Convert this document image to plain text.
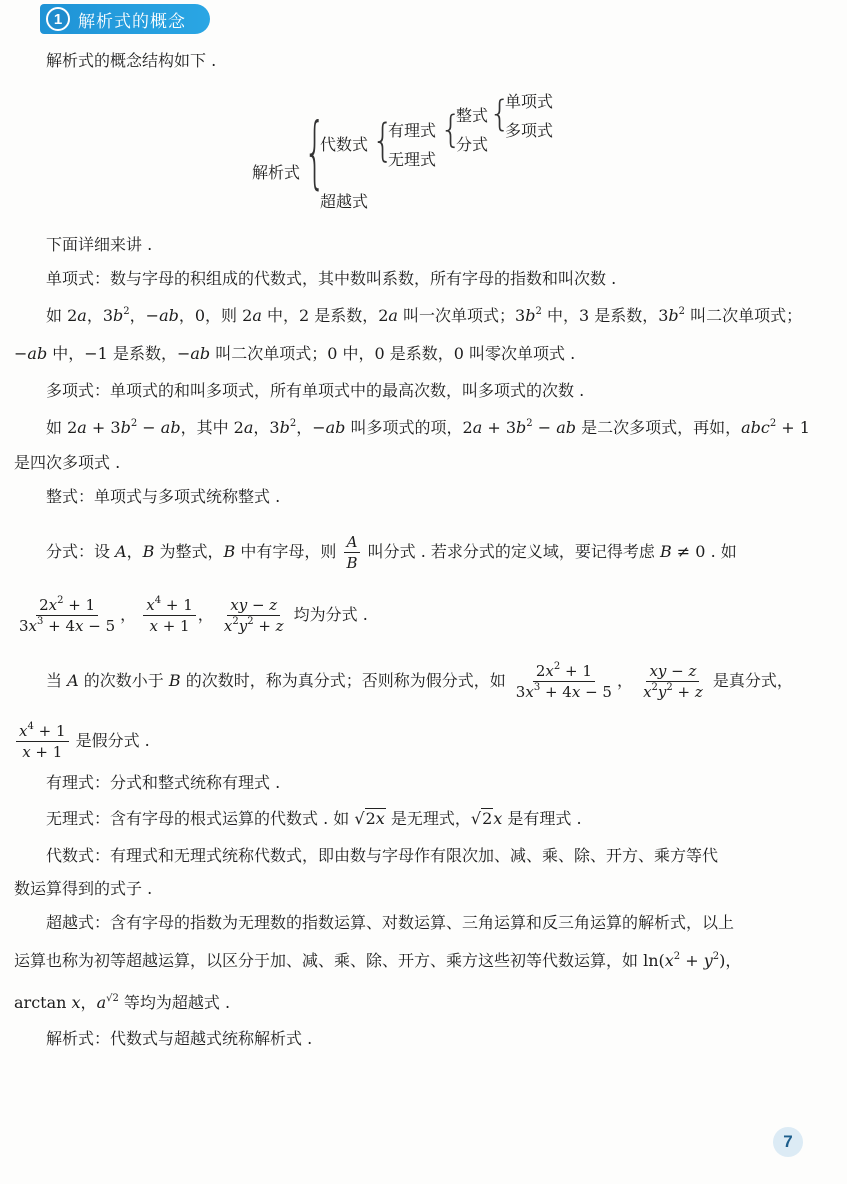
1 解析式的概念
解析式的概念结构如下 .
解析式 {
代数式
超越式
{
有理式
无理式
{
整式
分式
{
单项式
多项式
下面详细来讲 .
单项式：数与字母的积组成的代数式，其中数叫系数，所有字母的指数和叫次数 .
如 2a，$3b^2$，−ab，0，则 2a 中，2 是系数，2a 叫一次单项式；$3b^2$ 中，3 是系数，$3b^2$ 叫二次单项式；
−ab 中，−1 是系数，−ab 叫二次单项式；0 中，0 是系数，0 叫零次单项式 .
多项式：单项式的和叫多项式，所有单项式中的最高次数，叫多项式的次数 .
如 $2a + 3b^2$ − ab，其中 2a，$3b^2$，−ab 叫多项式的项，$2a + 3b^2$ − ab 是二次多项式，再如，abc$^2$ + 1
是四次多项式 .
整式：单项式与多项式统称整式 .
分式：设 A，B 为整式，B 中有字母，则 $\frac{A}{B}$ 叫分式 . 若求分式的定义域，要记得考虑 B ≠ 0 . 如
$\frac{2x^2 + 1}{3x^3 + 4x - 5}$ ， $\frac{x^4 + 1}{x + 1}$ ， $\frac{xy - z}{x^2y^2 + z}$ 均为分式 .
当 A 的次数小于 B 的次数时，称为真分式；否则称为假分式，如 $\frac{2x^2 + 1}{3x^3 + 4x - 5}$ ， $\frac{xy - z}{x^2y^2 + z}$ 是真分式，
$\frac{x^4 + 1}{x + 1}$ 是假分式 .
有理式：分式和整式统称有理式 .
无理式：含有字母的根式运算的代数式 . 如 √2x 是无理式，√2x 是有理式 .
代数式：有理式和无理式统称代数式，即由数与字母作有限次加、减、乘、除、开方、乘方等代
数运算得到的式子 .
超越式：含有字母的指数为无理数的指数运算、对数运算、三角运算和反三角运算的解析式，以上
运算也称为初等超越运算，以区分于加、减、乘、除、开方、乘方这些初等代数运算，如 $\ln(x^2 + y^2)$，
arctan x，$a^{√2}$ 等均为超越式 .
解析式：代数式与超越式统称解析式 .
7
